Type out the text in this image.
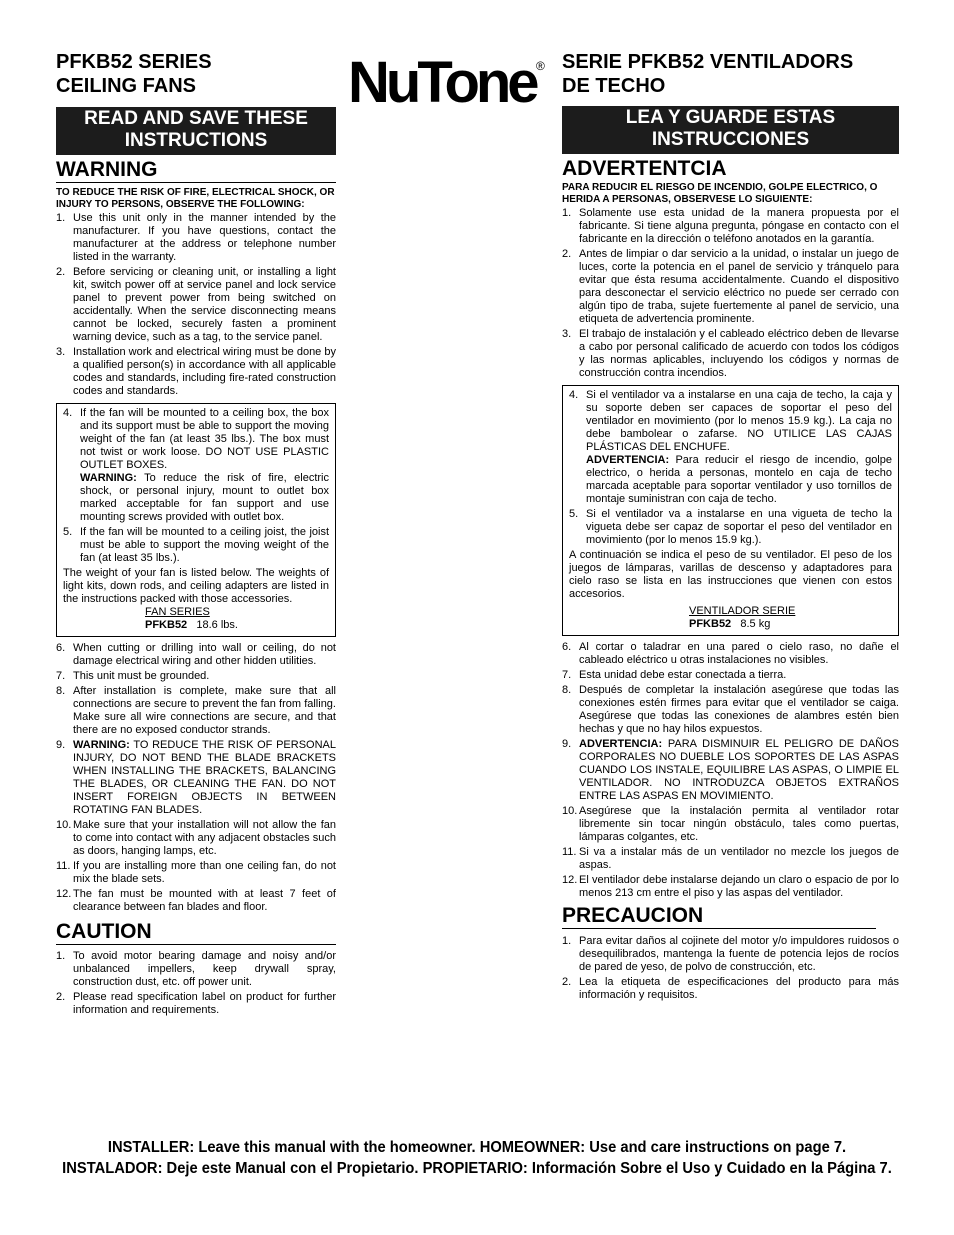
NuTone ®
PFKB52 SERIES
CEILING FANS
READ AND SAVE THESE
INSTRUCTIONS
WARNING
TO REDUCE THE RISK OF FIRE, ELECTRICAL SHOCK, OR INJURY TO PERSONS, OBSERVE THE FOLLOWING:
1. Use this unit only in the manner intended by the manufacturer. If you have questions, contact the manufacturer at the address or telephone number listed in the warranty.
2. Before servicing or cleaning unit, or installing a light kit, switch power off at service panel and lock service panel to prevent power from being switched on accidentally. When the service disconnecting means cannot be locked, securely fasten a prominent warning device, such as a tag, to the service panel.
3. Installation work and electrical wiring must be done by a qualified person(s) in accordance with all applicable codes and standards, including fire-rated construction codes and standards.
4. If the fan will be mounted to a ceiling box, the box and its support must be able to support the moving weight of the fan (at least 35 lbs.). The box must not twist or work loose. DO NOT USE PLASTIC OUTLET BOXES.
WARNING: To reduce the risk of fire, electric shock, or personal injury, mount to outlet box marked acceptable for fan support and use mounting screws provided with outlet box.
5. If the fan will be mounted to a ceiling joist, the joist must be able to support the moving weight of the fan (at least 35 lbs.).
The weight of your fan is listed below. The weights of light kits, down rods, and ceiling adapters are listed in the instructions packed with those accessories.
FAN SERIES
PFKB52 18.6 lbs.
6. When cutting or drilling into wall or ceiling, do not damage electrical wiring and other hidden utilities.
7. This unit must be grounded.
8. After installation is complete, make sure that all connections are secure to prevent the fan from falling. Make sure all wire connections are secure, and that there are no exposed conductor strands.
9. WARNING: TO REDUCE THE RISK OF PERSONAL INJURY, DO NOT BEND THE BLADE BRACKETS WHEN INSTALLING THE BRACKETS, BALANCING THE BLADES, OR CLEANING THE FAN. DO NOT INSERT FOREIGN OBJECTS IN BETWEEN ROTATING FAN BLADES.
10. Make sure that your installation will not allow the fan to come into contact with any adjacent obstacles such as doors, hanging lamps, etc.
11. If you are installing more than one ceiling fan, do not mix the blade sets.
12. The fan must be mounted with at least 7 feet of clearance between fan blades and floor.
CAUTION
1. To avoid motor bearing damage and noisy and/or unbalanced impellers, keep drywall spray, construction dust, etc. off power unit.
2. Please read specification label on product for further information and requirements.
SERIE PFKB52 VENTILADORS
DE TECHO
LEA Y GUARDE ESTAS
INSTRUCCIONES
ADVERTENTCIA
PARA REDUCIR EL RIESGO DE INCENDIO, GOLPE ELECTRICO, O HERIDA A PERSONAS, OBSERVESE LO SIGUIENTE:
1. Solamente use esta unidad de la manera propuesta por el fabricante. Si tiene alguna pregunta, póngase en contacto con el fabricante en la dirección o teléfono anotados en la garantía.
2. Antes de limpiar o dar servicio a la unidad, o instalar un juego de luces, corte la potencia en el panel de servicio y tránquelo para evitar que ésta resuma accidentalmente. Cuando el dispositivo para desconectar el servicio eléctrico no puede ser cerrado con algún tipo de traba, sujete fuertemente al panel de servicio, una etiqueta de advertencia prominente.
3. El trabajo de instalación y el cableado eléctrico deben de llevarse a cabo por personal calificado de acuerdo con todos los códigos y las normas aplicables, incluyendo los códigos y normas de construcción contra incendios.
4. Si el ventilador va a instalarse en una caja de techo, la caja y su soporte deben ser capaces de soportar el peso del ventilador en movimiento (por lo menos 15.9 kg.). La caja no debe bambolear o zafarse. NO UTILICE LAS CAJAS PLÁSTICAS DEL ENCHUFE.
ADVERTENCIA: Para reducir el riesgo de incendio, golpe electrico, o herida a personas, montelo en caja de techo marcada aceptable para soportar ventilador y uso tornillos de montaje suministran con caja de techo.
5. Si el ventilador va a instalarse en una vigueta de techo la vigueta debe ser capaz de soportar el peso del ventilador en movimiento (por lo menos 15.9 kg.).
A continuación se indica el peso de su ventilador. El peso de los juegos de lámparas, varillas de descenso y adaptadores para cielo raso se lista en las instrucciones que vienen con estos accesorios.
VENTILADOR SERIE
PFKB52 8.5 kg
6. Al cortar o taladrar en una pared o cielo raso, no dañe el cableado eléctrico u otras instalaciones no visibles.
7. Esta unidad debe estar conectada a tierra.
8. Después de completar la instalación asegúrese que todas las conexiones estén firmes para evitar que el ventilador se caiga. Asegúrese que todas las conexiones de alambres estén bien hechas y que no hay hilos expuestos.
9. ADVERTENCIA: PARA DISMINUIR EL PELIGRO DE DAÑOS CORPORALES NO DUEBLE LOS SOPORTES DE LAS ASPAS CUANDO LOS INSTALE, EQUILIBRE LAS ASPAS, O LIMPIE EL VENTILADOR. NO INTRODUZCA OBJETOS EXTRAÑOS ENTRE LAS ASPAS EN MOVIMIENTO.
10. Asegúrese que la instalación permita al ventilador rotar libremente sin tocar ningún obstáculo, tales como puertas, lámparas colgantes, etc.
11. Si va a instalar más de un ventilador no mezcle los juegos de aspas.
12. El ventilador debe instalarse dejando un claro o espacio de por lo menos 213 cm entre el piso y las aspas del ventilador.
PRECAUCION
1. Para evitar daños al cojinete del motor y/o impuldores ruidosos o desequilibrados, mantenga la fuente de potencia lejos de rocíos de pared de yeso, de polvo de construcción, etc.
2. Lea la etiqueta de especificaciones del producto para más información y requisitos.
INSTALLER: Leave this manual with the homeowner. HOMEOWNER: Use and care instructions on page 7.
INSTALADOR: Deje este Manual con el Propietario. PROPIETARIO: Información Sobre el Uso y Cuidado en la Página 7.
